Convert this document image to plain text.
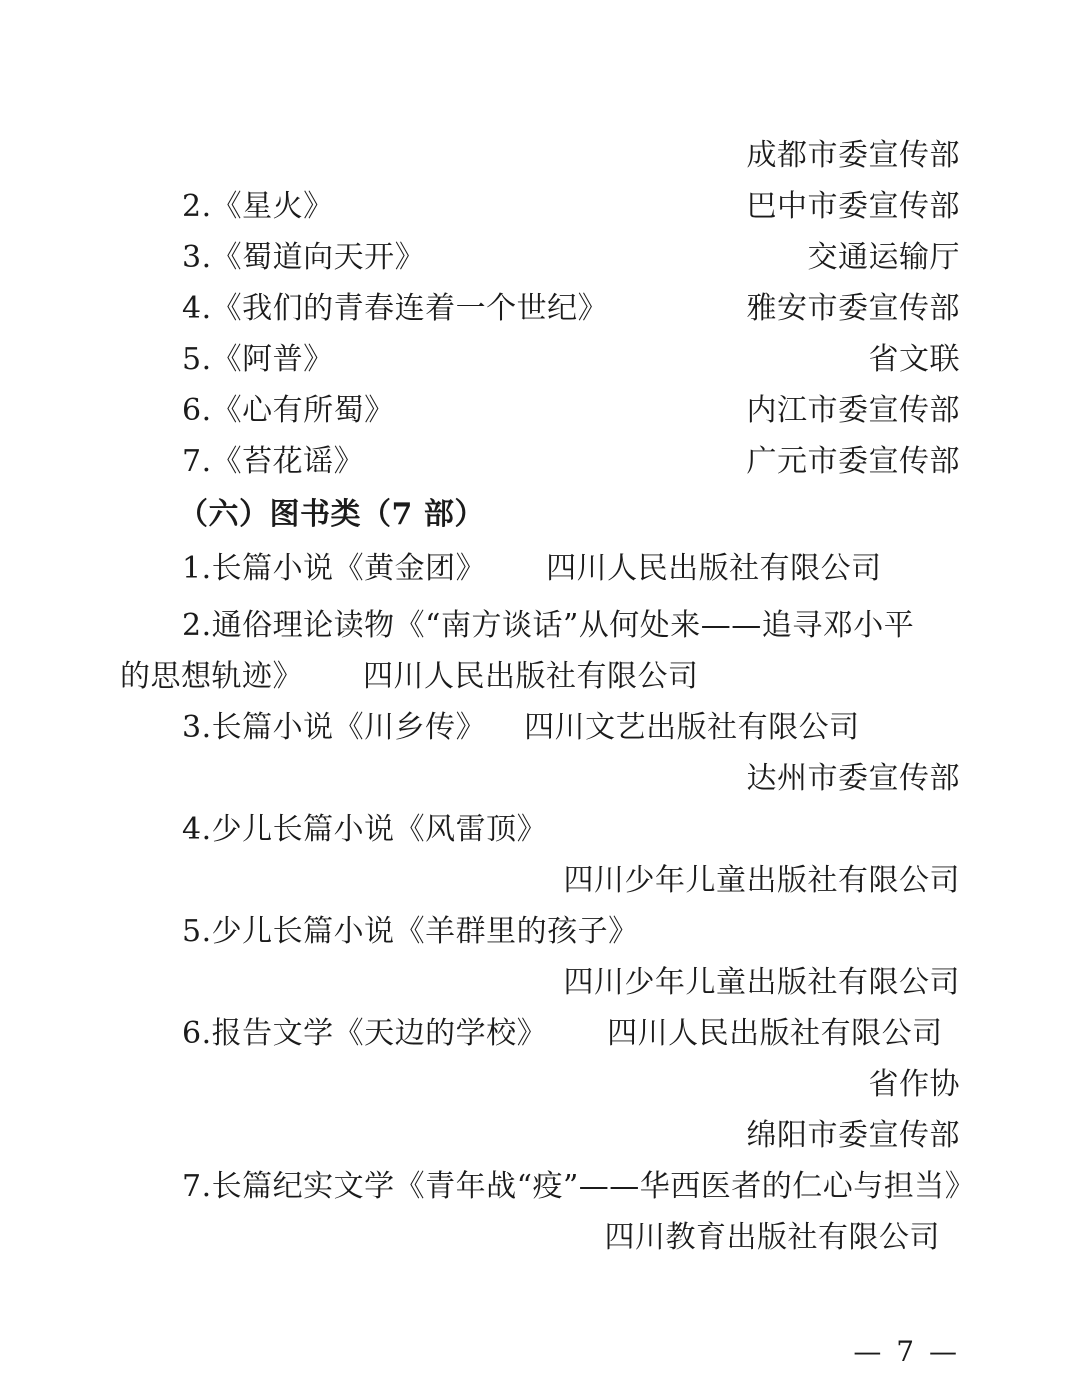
成都市委宣传部
2.《星火》	巴中市委宣传部
3.《蜀道向天开》	交通运输厅
4.《我们的青春连着一个世纪》	雅安市委宣传部
5.《阿普》	省文联
6.《心有所蜀》	内江市委宣传部
7.《苔花谣》	广元市委宣传部
（六）图书类（7 部）
1.长篇小说《黄金团》 四川人民出版社有限公司
2.通俗理论读物《“南方谈话”从何处来——追寻邓小平
的思想轨迹》 四川人民出版社有限公司
3.长篇小说《川乡传》 四川文艺出版社有限公司
达州市委宣传部
4.少儿长篇小说《风雷顶》
四川少年儿童出版社有限公司
5.少儿长篇小说《羊群里的孩子》
四川少年儿童出版社有限公司
6.报告文学《天边的学校》 四川人民出版社有限公司
省作协
绵阳市委宣传部
7.长篇纪实文学《青年战“疫”——华西医者的仁心与担当》
四川教育出版社有限公司
— 7 —
